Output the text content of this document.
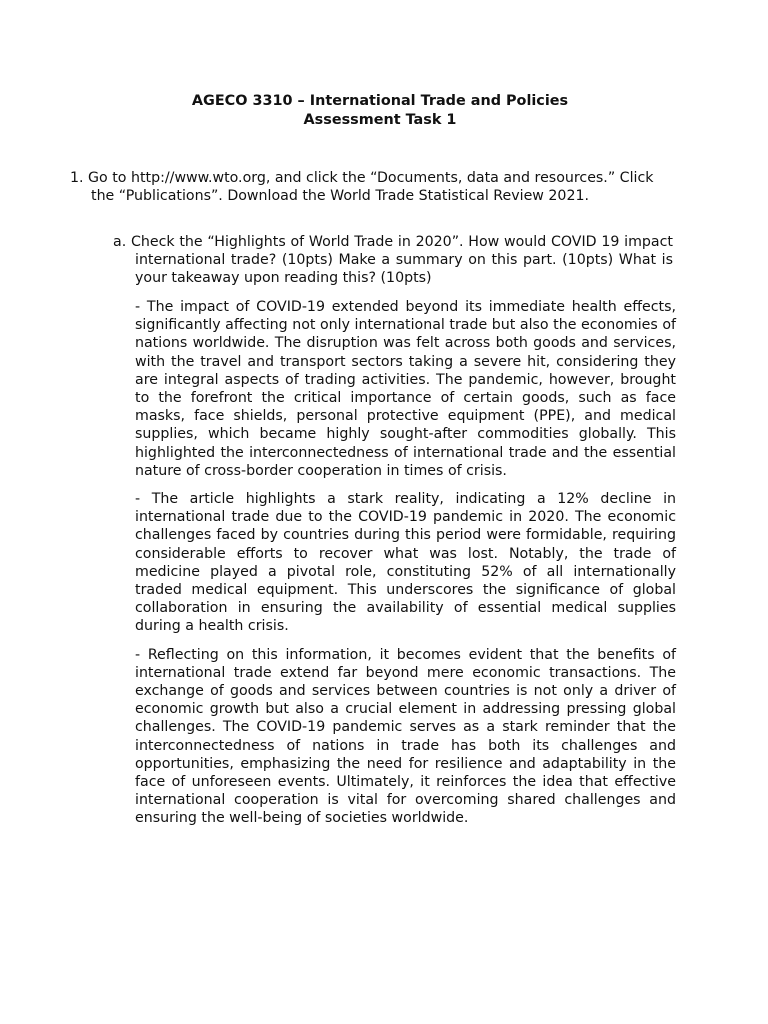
AGECO 3310 – International Trade and Policies
Assessment Task 1
1. Go to http://www.wto.org, and click the “Documents, data and resources.” Click the “Publications”. Download the World Trade Statistical Review 2021.
a. Check the “Highlights of World Trade in 2020”. How would COVID 19 impact international trade? (10pts) Make a summary on this part. (10pts) What is your takeaway upon reading this? (10pts)

- The impact of COVID-19 extended beyond its immediate health effects, significantly affecting not only international trade but also the economies of nations worldwide. The disruption was felt across both goods and services, with the travel and transport sectors taking a severe hit, considering they are integral aspects of trading activities. The pandemic, however, brought to the forefront the critical importance of certain goods, such as face masks, face shields, personal protective equipment (PPE), and medical supplies, which became highly sought-after commodities globally. This highlighted the interconnectedness of international trade and the essential nature of cross-border cooperation in times of crisis.

- The article highlights a stark reality, indicating a 12% decline in international trade due to the COVID-19 pandemic in 2020. The economic challenges faced by countries during this period were formidable, requiring considerable efforts to recover what was lost. Notably, the trade of medicine played a pivotal role, constituting 52% of all internationally traded medical equipment. This underscores the significance of global collaboration in ensuring the availability of essential medical supplies during a health crisis.

- Reflecting on this information, it becomes evident that the benefits of international trade extend far beyond mere economic transactions. The exchange of goods and services between countries is not only a driver of economic growth but also a crucial element in addressing pressing global challenges. The COVID-19 pandemic serves as a stark reminder that the interconnectedness of nations in trade has both its challenges and opportunities, emphasizing the need for resilience and adaptability in the face of unforeseen events. Ultimately, it reinforces the idea that effective international cooperation is vital for overcoming shared challenges and ensuring the well-being of societies worldwide.
